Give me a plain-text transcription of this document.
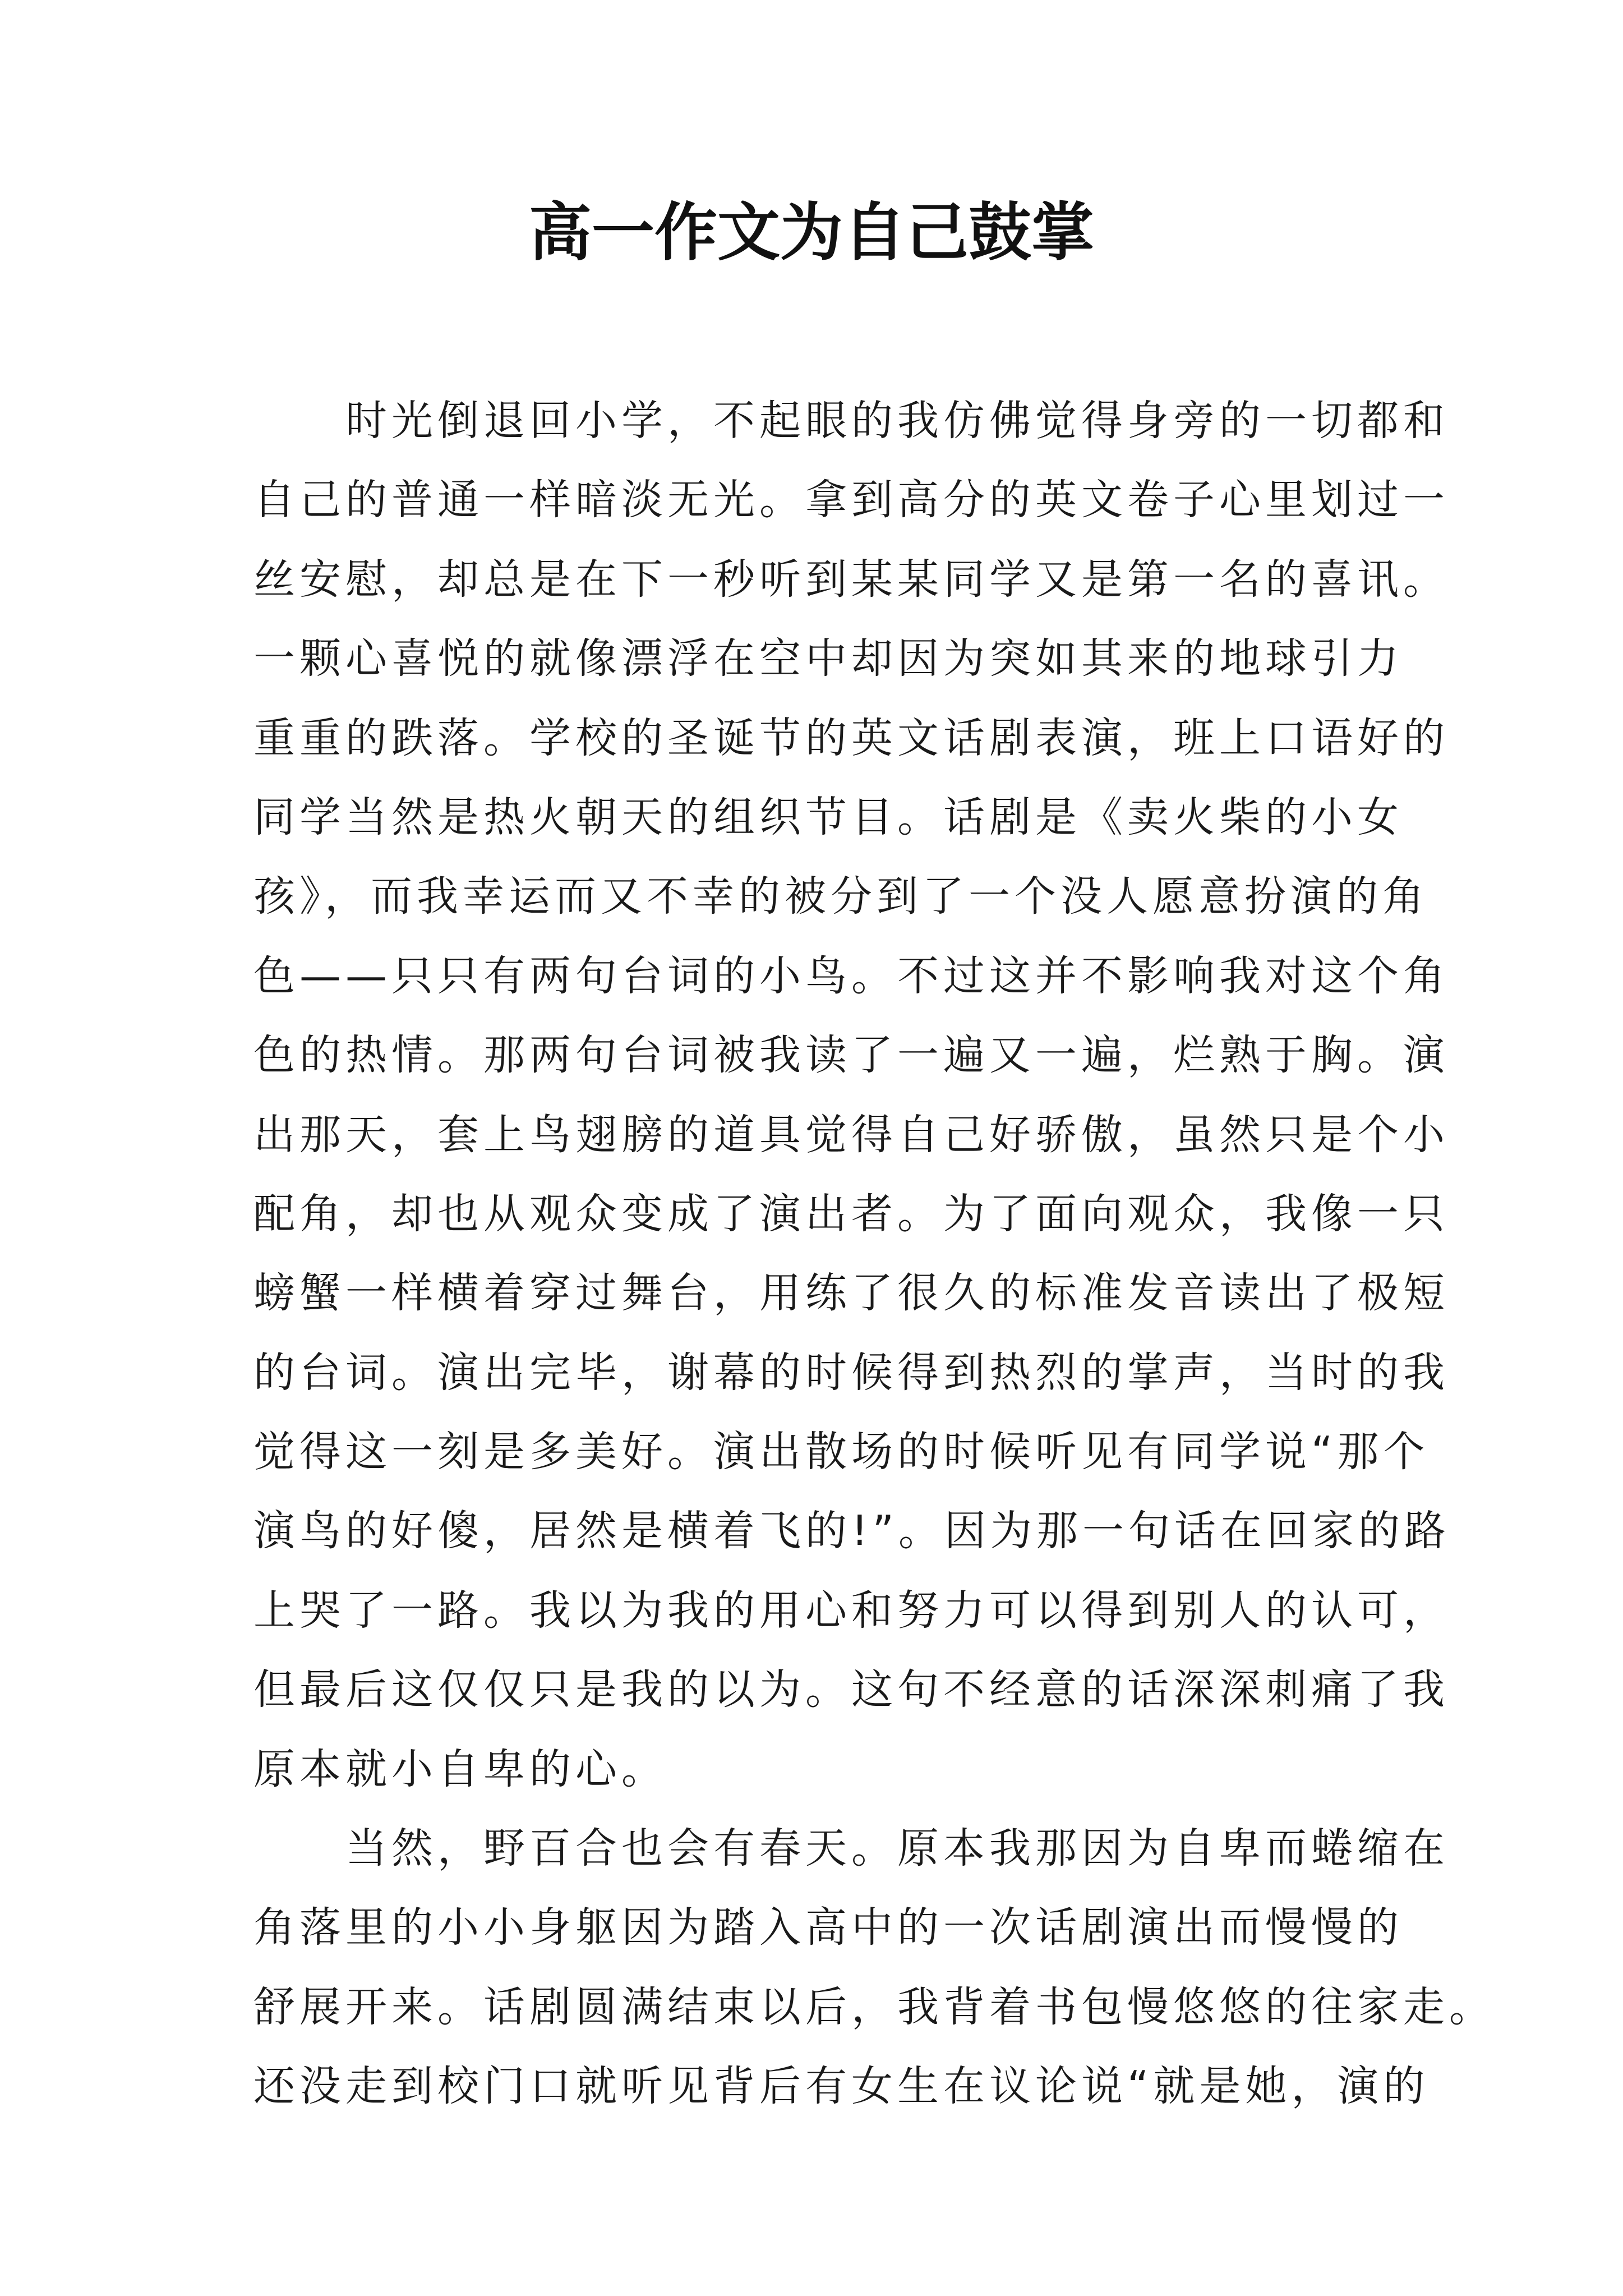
高一作文为自己鼓掌
　　时光倒退回小学，不起眼的我仿佛觉得身旁的一切都和
自己的普通一样暗淡无光。拿到高分的英文卷子心里划过一
丝安慰，却总是在下一秒听到某某同学又是第一名的喜讯。
一颗心喜悦的就像漂浮在空中却因为突如其来的地球引力
重重的跌落。学校的圣诞节的英文话剧表演，班上口语好的
同学当然是热火朝天的组织节目。话剧是《卖火柴的小女
孩》，而我幸运而又不幸的被分到了一个没人愿意扮演的角
色——只只有两句台词的小鸟。不过这并不影响我对这个角
色的热情。那两句台词被我读了一遍又一遍，烂熟于胸。演
出那天，套上鸟翅膀的道具觉得自己好骄傲，虽然只是个小
配角，却也从观众变成了演出者。为了面向观众，我像一只
螃蟹一样横着穿过舞台，用练了很久的标准发音读出了极短
的台词。演出完毕，谢幕的时候得到热烈的掌声，当时的我
觉得这一刻是多美好。演出散场的时候听见有同学说“那个
演鸟的好傻，居然是横着飞的!”。因为那一句话在回家的路
上哭了一路。我以为我的用心和努力可以得到别人的认可，
但最后这仅仅只是我的以为。这句不经意的话深深刺痛了我
原本就小自卑的心。
　　当然，野百合也会有春天。原本我那因为自卑而蜷缩在
角落里的小小身躯因为踏入高中的一次话剧演出而慢慢的
舒展开来。话剧圆满结束以后，我背着书包慢悠悠的往家走。
还没走到校门口就听见背后有女生在议论说“就是她，演的
